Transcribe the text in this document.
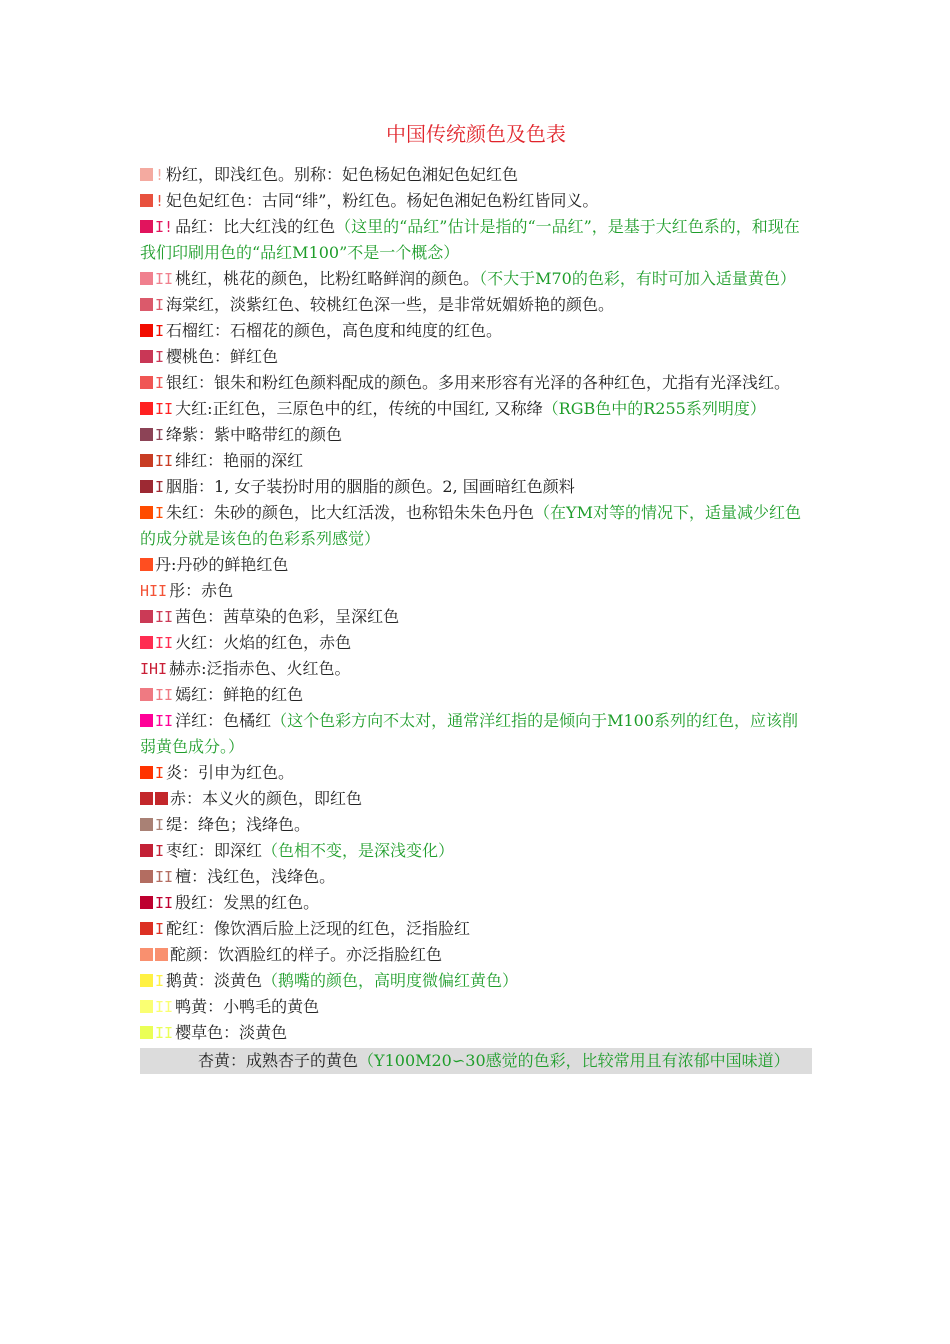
中国传统颜色及色表
! 粉红，即浅红色。别称：妃色杨妃色湘妃色妃红色
! 妃色妃红色：古同“绯”，粉红色。杨妃色湘妃色粉红皆同义。
I! 品红：比大红浅的红色（这里的“品红”估计是指的“一品红”，是基于大红色系的，和现在我们印刷用色的“品红M100”不是一个概念）
II 桃红，桃花的颜色，比粉红略鲜润的颜色。（不大于M70的色彩，有时可加入适量黄色）
I 海棠红，淡紫红色、较桃红色深一些，是非常妩媚娇艳的颜色。
I 石榴红：石榴花的颜色，高色度和纯度的红色。
I 樱桃色：鲜红色
I 银红：银朱和粉红色颜料配成的颜色。多用来形容有光泽的各种红色，尤指有光泽浅红。
II 大红:正红色，三原色中的红，传统的中国红, 又称绛（RGB色中的R255系列明度）
I 绛紫：紫中略带红的颜色
II 绯红：艳丽的深红
I 胭脂：1, 女子装扮时用的胭脂的颜色。2, 国画暗红色颜料
I 朱红：朱砂的颜色，比大红活泼，也称铅朱朱色丹色（在YM对等的情况下，适量减少红色的成分就是该色的色彩系列感觉）
丹:丹砂的鲜艳红色
HII 彤：赤色
II 茜色：茜草染的色彩，呈深红色
II 火红：火焰的红色，赤色
IHI 赫赤:泛指赤色、火红色。
II 嫣红：鲜艳的红色
II 洋红：色橘红（这个色彩方向不太对，通常洋红指的是倾向于M100系列的红色，应该削弱黄色成分。）
I 炎：引申为红色。
赤：本义火的颜色，即红色
I 缇：绛色；浅绛色。
I 枣红：即深红（色相不变，是深浅变化）
II 檀：浅红色，浅绛色。
II 殷红：发黑的红色。
I 酡红：像饮酒后脸上泛现的红色，泛指脸红
酡颜：饮酒脸红的样子。亦泛指脸红色
I 鹅黄：淡黄色（鹅嘴的颜色，高明度微偏红黄色）
II 鸭黄：小鸭毛的黄色
II 樱草色：淡黄色
杏黄：成熟杏子的黄色（Y100M20∽30感觉的色彩，比较常用且有浓郁中国味道）
